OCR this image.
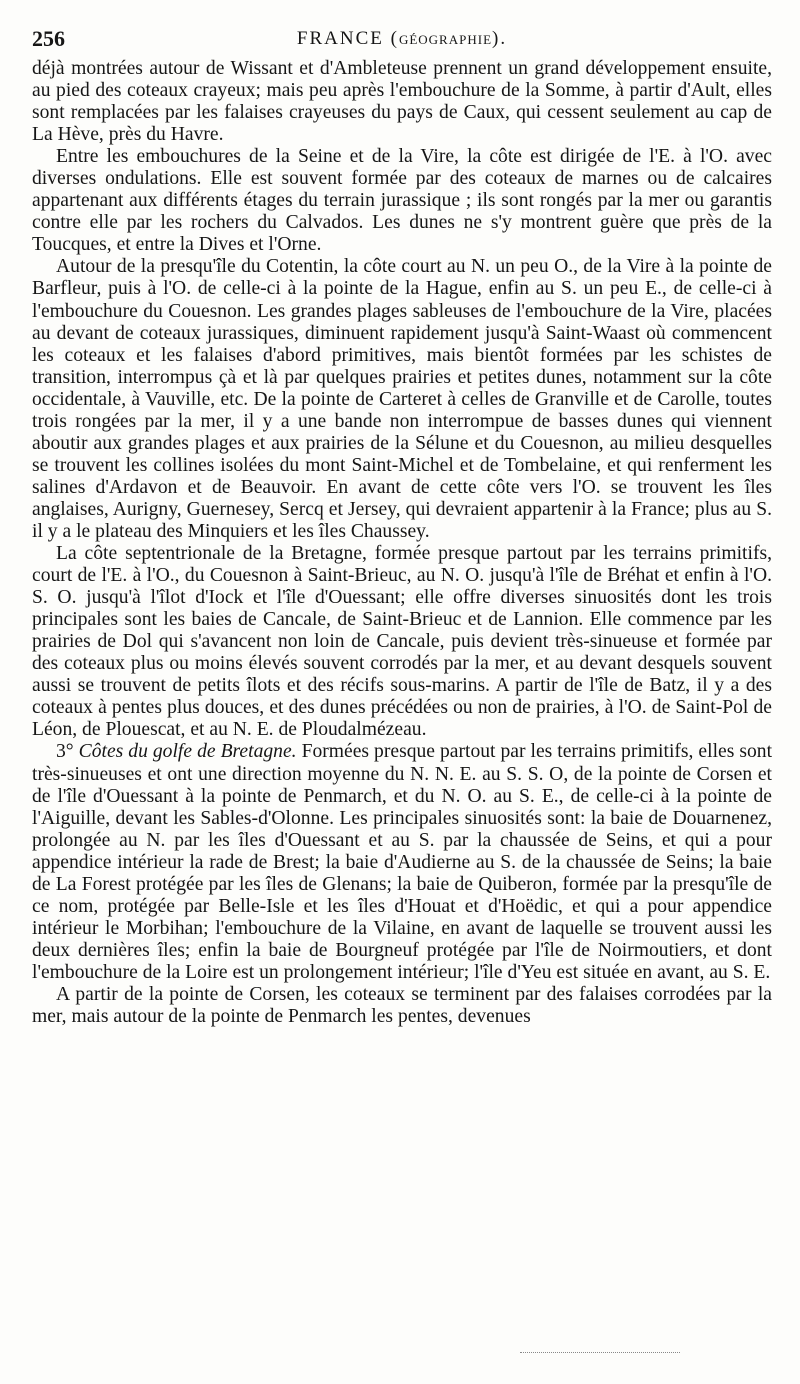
256	FRANCE (GÉOGRAPHIE).

déjà montrées autour de Wissant et d'Ambleteuse prennent un grand développement ensuite, au pied des coteaux crayeux; mais peu après l'embouchure de la Somme, à partir d'Ault, elles sont remplacées par les falaises crayeuses du pays de Caux, qui cessent seulement au cap de La Hève, près du Havre.

Entre les embouchures de la Seine et de la Vire, la côte est dirigée de l'E. à l'O. avec diverses ondulations. Elle est souvent formée par des coteaux de marnes ou de calcaires appartenant aux différents étages du terrain jurassique ; ils sont rongés par la mer ou garantis contre elle par les rochers du Calvados. Les dunes ne s'y montrent guère que près de la Toucques, et entre la Dives et l'Orne.

Autour de la presqu'île du Cotentin, la côte court au N. un peu O., de la Vire à la pointe de Barfleur, puis à l'O. de celle-ci à la pointe de la Hague, enfin au S. un peu E., de celle-ci à l'embouchure du Couesnon. Les grandes plages sableuses de l'embouchure de la Vire, placées au devant de coteaux jurassiques, diminuent rapidement jusqu'à Saint-Waast où commencent les coteaux et les falaises d'abord primitives, mais bientôt formées par les schistes de transition, interrompus çà et là par quelques prairies et petites dunes, notamment sur la côte occidentale, à Vauville, etc. De la pointe de Carteret à celles de Granville et de Carolle, toutes trois rongées par la mer, il y a une bande non interrompue de basses dunes qui viennent aboutir aux grandes plages et aux prairies de la Sélune et du Couesnon, au milieu desquelles se trouvent les collines isolées du mont Saint-Michel et de Tombelaine, et qui renferment les salines d'Ardavon et de Beauvoir. En avant de cette côte vers l'O. se trouvent les îles anglaises, Aurigny, Guernesey, Sercq et Jersey, qui devraient appartenir à la France; plus au S. il y a le plateau des Minquiers et les îles Chaussey.

La côte septentrionale de la Bretagne, formée presque partout par les terrains primitifs, court de l'E. à l'O., du Couesnon à Saint-Brieuc, au N. O. jusqu'à l'île de Bréhat et enfin à l'O. S. O. jusqu'à l'îlot d'Iock et l'île d'Ouessant; elle offre diverses sinuosités dont les trois principales sont les baies de Cancale, de Saint-Brieuc et de Lannion. Elle commence par les prairies de Dol qui s'avancent non loin de Cancale, puis devient très-sinueuse et formée par des coteaux plus ou moins élevés souvent corrodés par la mer, et au devant desquels souvent aussi se trouvent de petits îlots et des récifs sous-marins. A partir de l'île de Batz, il y a des coteaux à pentes plus douces, et des dunes précédées ou non de prairies, à l'O. de Saint-Pol de Léon, de Plouescat, et au N. E. de Ploudalmézeau.

3° Côtes du golfe de Bretagne. Formées presque partout par les terrains primitifs, elles sont très-sinueuses et ont une direction moyenne du N. N. E. au S. S. O, de la pointe de Corsen et de l'île d'Ouessant à la pointe de Penmarch, et du N. O. au S. E., de celle-ci à la pointe de l'Aiguille, devant les Sables-d'Olonne. Les principales sinuosités sont: la baie de Douarnenez, prolongée au N. par les îles d'Ouessant et au S. par la chaussée de Seins, et qui a pour appendice intérieur la rade de Brest; la baie d'Audierne au S. de la chaussée de Seins; la baie de La Forest protégée par les îles de Glenans; la baie de Quiberon, formée par la presqu'île de ce nom, protégée par Belle-Isle et les îles d'Houat et d'Hoëdic, et qui a pour appendice intérieur le Morbihan; l'embouchure de la Vilaine, en avant de laquelle se trouvent aussi les deux dernières îles; enfin la baie de Bourgneuf protégée par l'île de Noirmoutiers, et dont l'embouchure de la Loire est un prolongement intérieur; l'île d'Yeu est située en avant, au S. E.

A partir de la pointe de Corsen, les coteaux se terminent par des falaises corrodées par la mer, mais autour de la pointe de Penmarch les pentes, devenues
